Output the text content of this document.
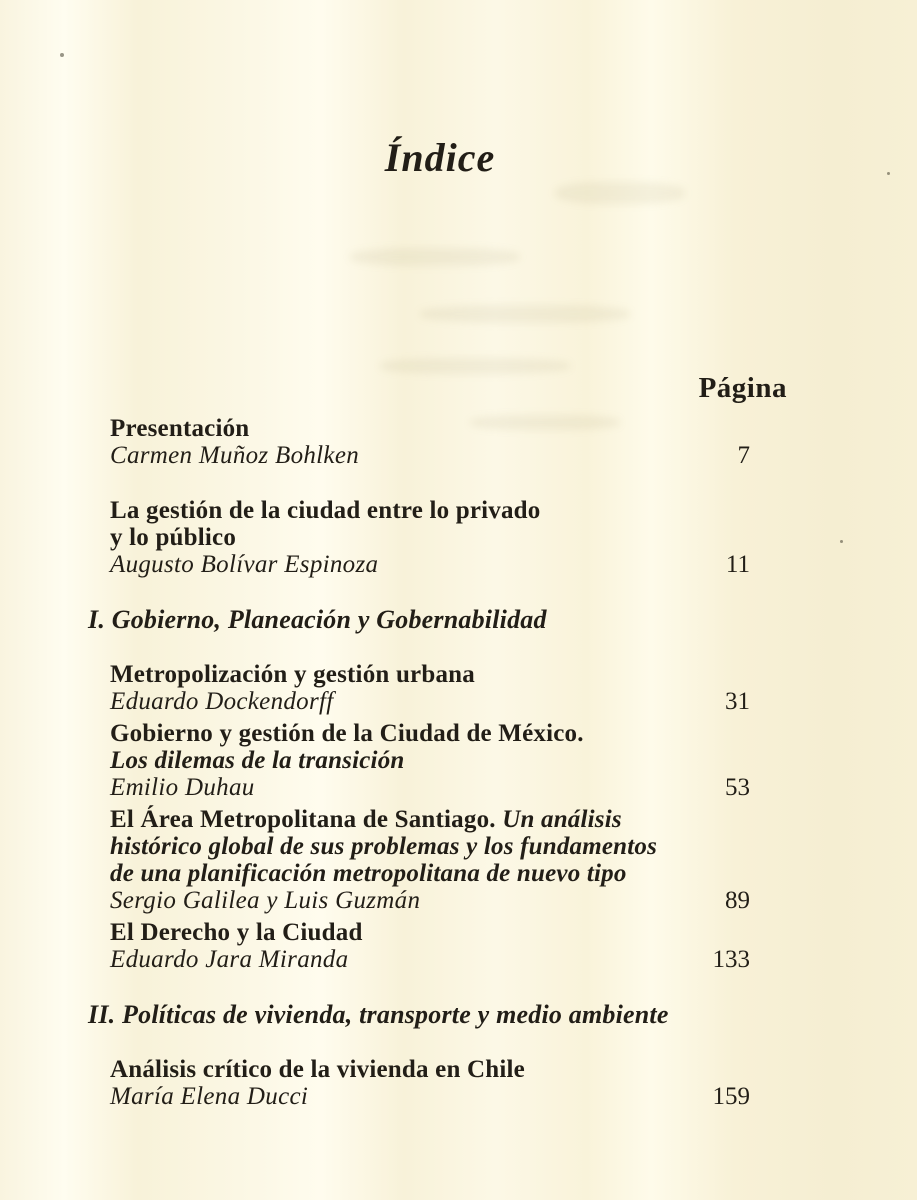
Índice
Página
Presentación
Carmen Muñoz Bohlken	7
La gestión de la ciudad entre lo privado
y lo público
Augusto Bolívar Espinoza	11
I. Gobierno, Planeación y Gobernabilidad
Metropolización y gestión urbana
Eduardo Dockendorff	31
Gobierno y gestión de la Ciudad de México.
Los dilemas de la transición
Emilio Duhau	53
El Área Metropolitana de Santiago. Un análisis
histórico global de sus problemas y los fundamentos
de una planificación metropolitana de nuevo tipo
Sergio Galilea y Luis Guzmán	89
El Derecho y la Ciudad
Eduardo Jara Miranda	133
II. Políticas de vivienda, transporte y medio ambiente
Análisis crítico de la vivienda en Chile
María Elena Ducci	159
